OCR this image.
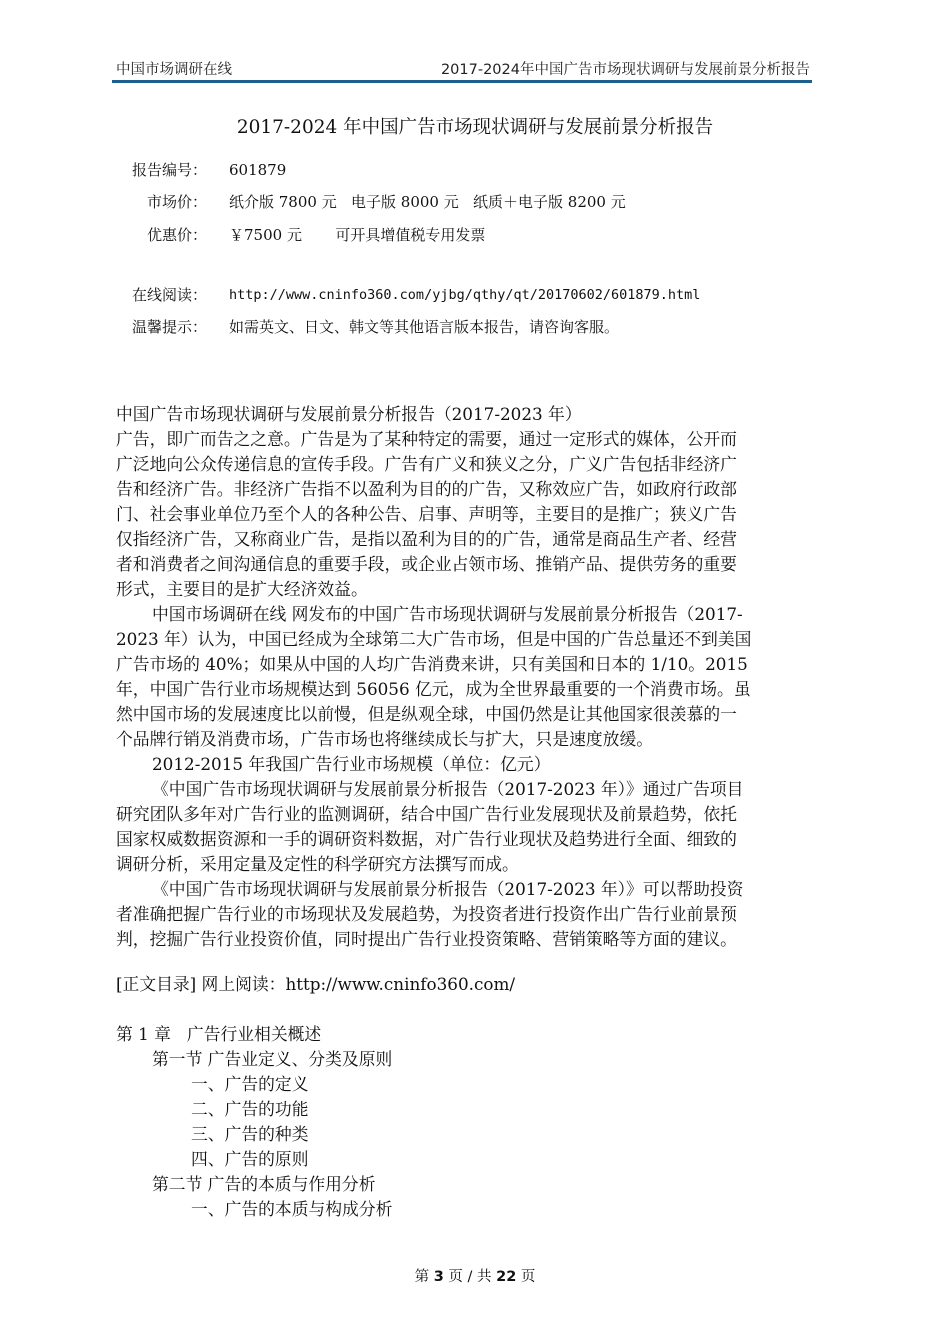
中国市场调研在线	2017-2024年中国广告市场现状调研与发展前景分析报告
2017-2024 年中国广告市场现状调研与发展前景分析报告
报告编号： 601879
市场价： 纸介版 7800 元   电子版 8000 元   纸质＋电子版 8200 元
优惠价： ￥7500 元       可开具增值税专用发票
在线阅读： http://www.cninfo360.com/yjbg/qthy/qt/20170602/601879.html
温馨提示： 如需英文、日文、韩文等其他语言版本报告，请咨询客服。
中国广告市场现状调研与发展前景分析报告（2017-2023 年）
广告，即广而告之之意。广告是为了某种特定的需要，通过一定形式的媒体，公开而
广泛地向公众传递信息的宣传手段。广告有广义和狭义之分，广义广告包括非经济广
告和经济广告。非经济广告指不以盈利为目的的广告，又称效应广告，如政府行政部
门、社会事业单位乃至个人的各种公告、启事、声明等，主要目的是推广；狭义广告
仅指经济广告，又称商业广告，是指以盈利为目的的广告，通常是商品生产者、经营
者和消费者之间沟通信息的重要手段，或企业占领市场、推销产品、提供劳务的重要
形式，主要目的是扩大经济效益。
中国市场调研在线 网发布的中国广告市场现状调研与发展前景分析报告（2017-
2023 年）认为，中国已经成为全球第二大广告市场，但是中国的广告总量还不到美国
广告市场的 40%；如果从中国的人均广告消费来讲，只有美国和日本的 1/10。2015
年，中国广告行业市场规模达到 56056 亿元，成为全世界最重要的一个消费市场。虽
然中国市场的发展速度比以前慢，但是纵观全球，中国仍然是让其他国家很羡慕的一
个品牌行销及消费市场，广告市场也将继续成长与扩大，只是速度放缓。
2012-2015 年我国广告行业市场规模（单位：亿元）
《中国广告市场现状调研与发展前景分析报告（2017-2023 年）》通过广告项目
研究团队多年对广告行业的监测调研，结合中国广告行业发展现状及前景趋势，依托
国家权威数据资源和一手的调研资料数据，对广告行业现状及趋势进行全面、细致的
调研分析，采用定量及定性的科学研究方法撰写而成。
《中国广告市场现状调研与发展前景分析报告（2017-2023 年）》可以帮助投资
者准确把握广告行业的市场现状及发展趋势，为投资者进行投资作出广告行业前景预
判，挖掘广告行业投资价值，同时提出广告行业投资策略、营销策略等方面的建议。
[正文目录] 网上阅读：http://www.cninfo360.com/
第 1 章   广告行业相关概述
第一节 广告业定义、分类及原则
一、广告的定义
二、广告的功能
三、广告的种类
四、广告的原则
第二节 广告的本质与作用分析
一、广告的本质与构成分析
第 3 页 / 共 22 页
